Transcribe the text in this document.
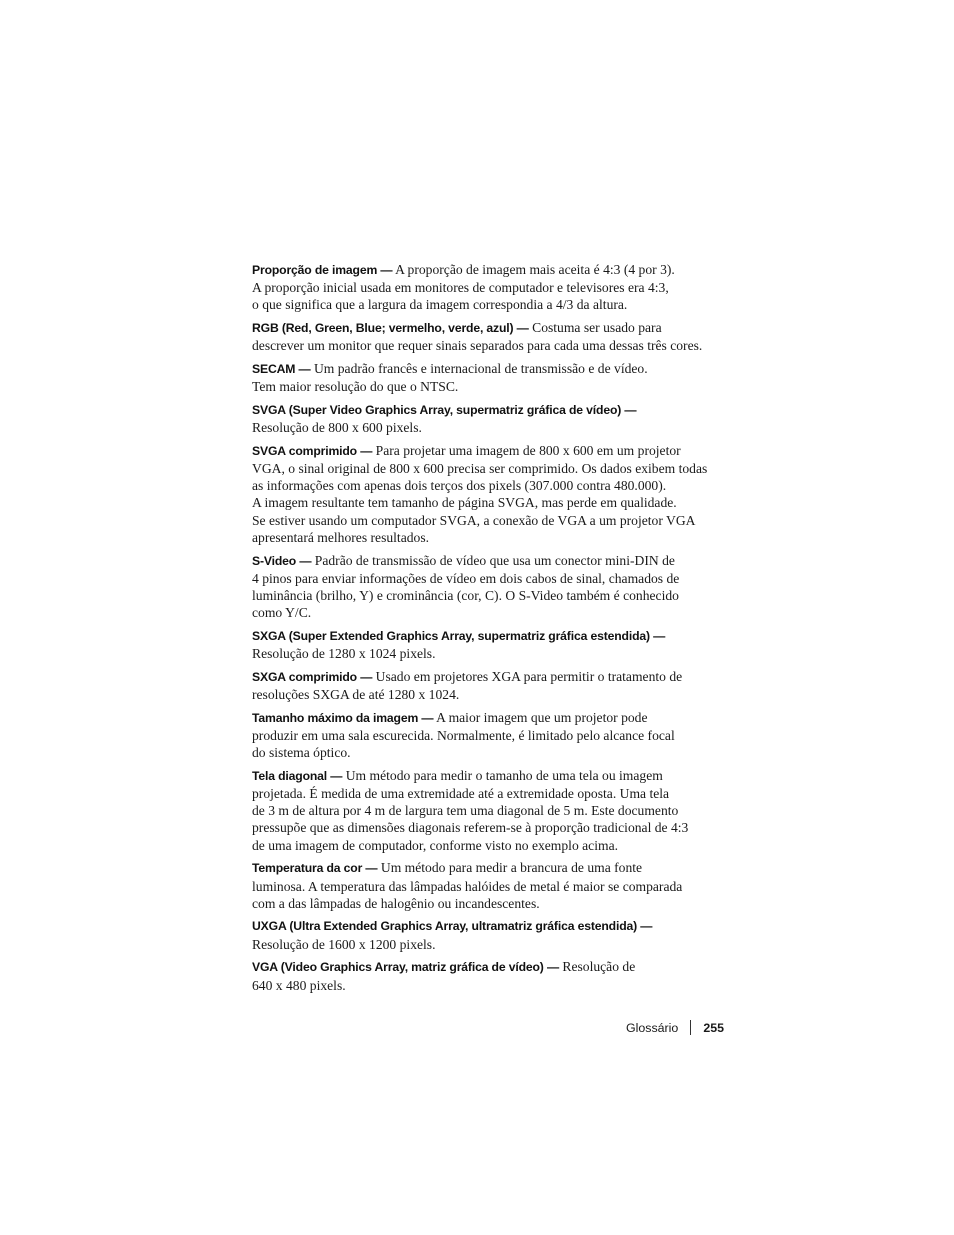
Proporção de imagem — A proporção de imagem mais aceita é 4:3 (4 por 3).
A proporção inicial usada em monitores de computador e televisores era 4:3,
o que significa que a largura da imagem correspondia a 4/3 da altura.

RGB (Red, Green, Blue; vermelho, verde, azul) — Costuma ser usado para
descrever um monitor que requer sinais separados para cada uma dessas três cores.

SECAM — Um padrão francês e internacional de transmissão e de vídeo.
Tem maior resolução do que o NTSC.

SVGA (Super Video Graphics Array, supermatriz gráfica de vídeo) —
Resolução de 800 x 600 pixels.

SVGA comprimido — Para projetar uma imagem de 800 x 600 em um projetor
VGA, o sinal original de 800 x 600 precisa ser comprimido. Os dados exibem todas
as informações com apenas dois terços dos pixels (307.000 contra 480.000).
A imagem resultante tem tamanho de página SVGA, mas perde em qualidade.
Se estiver usando um computador SVGA, a conexão de VGA a um projetor VGA
apresentará melhores resultados.

S-Video — Padrão de transmissão de vídeo que usa um conector mini-DIN de
4 pinos para enviar informações de vídeo em dois cabos de sinal, chamados de
luminância (brilho, Y) e crominância (cor, C). O S-Video também é conhecido
como Y/C.

SXGA (Super Extended Graphics Array, supermatriz gráfica estendida) —
Resolução de 1280 x 1024 pixels.

SXGA comprimido — Usado em projetores XGA para permitir o tratamento de
resoluções SXGA de até 1280 x 1024.

Tamanho máximo da imagem — A maior imagem que um projetor pode
produzir em uma sala escurecida. Normalmente, é limitado pelo alcance focal
do sistema óptico.

Tela diagonal — Um método para medir o tamanho de uma tela ou imagem
projetada. É medida de uma extremidade até a extremidade oposta. Uma tela
de 3 m de altura por 4 m de largura tem uma diagonal de 5 m. Este documento
pressupõe que as dimensões diagonais referem-se à proporção tradicional de 4:3
de uma imagem de computador, conforme visto no exemplo acima.

Temperatura da cor — Um método para medir a brancura de uma fonte
luminosa. A temperatura das lâmpadas halóides de metal é maior se comparada
com a das lâmpadas de halogênio ou incandescentes.

UXGA (Ultra Extended Graphics Array, ultramatriz gráfica estendida) —
Resolução de 1600 x 1200 pixels.

VGA (Video Graphics Array, matriz gráfica de vídeo) — Resolução de
640 x 480 pixels.

Glossário 255
